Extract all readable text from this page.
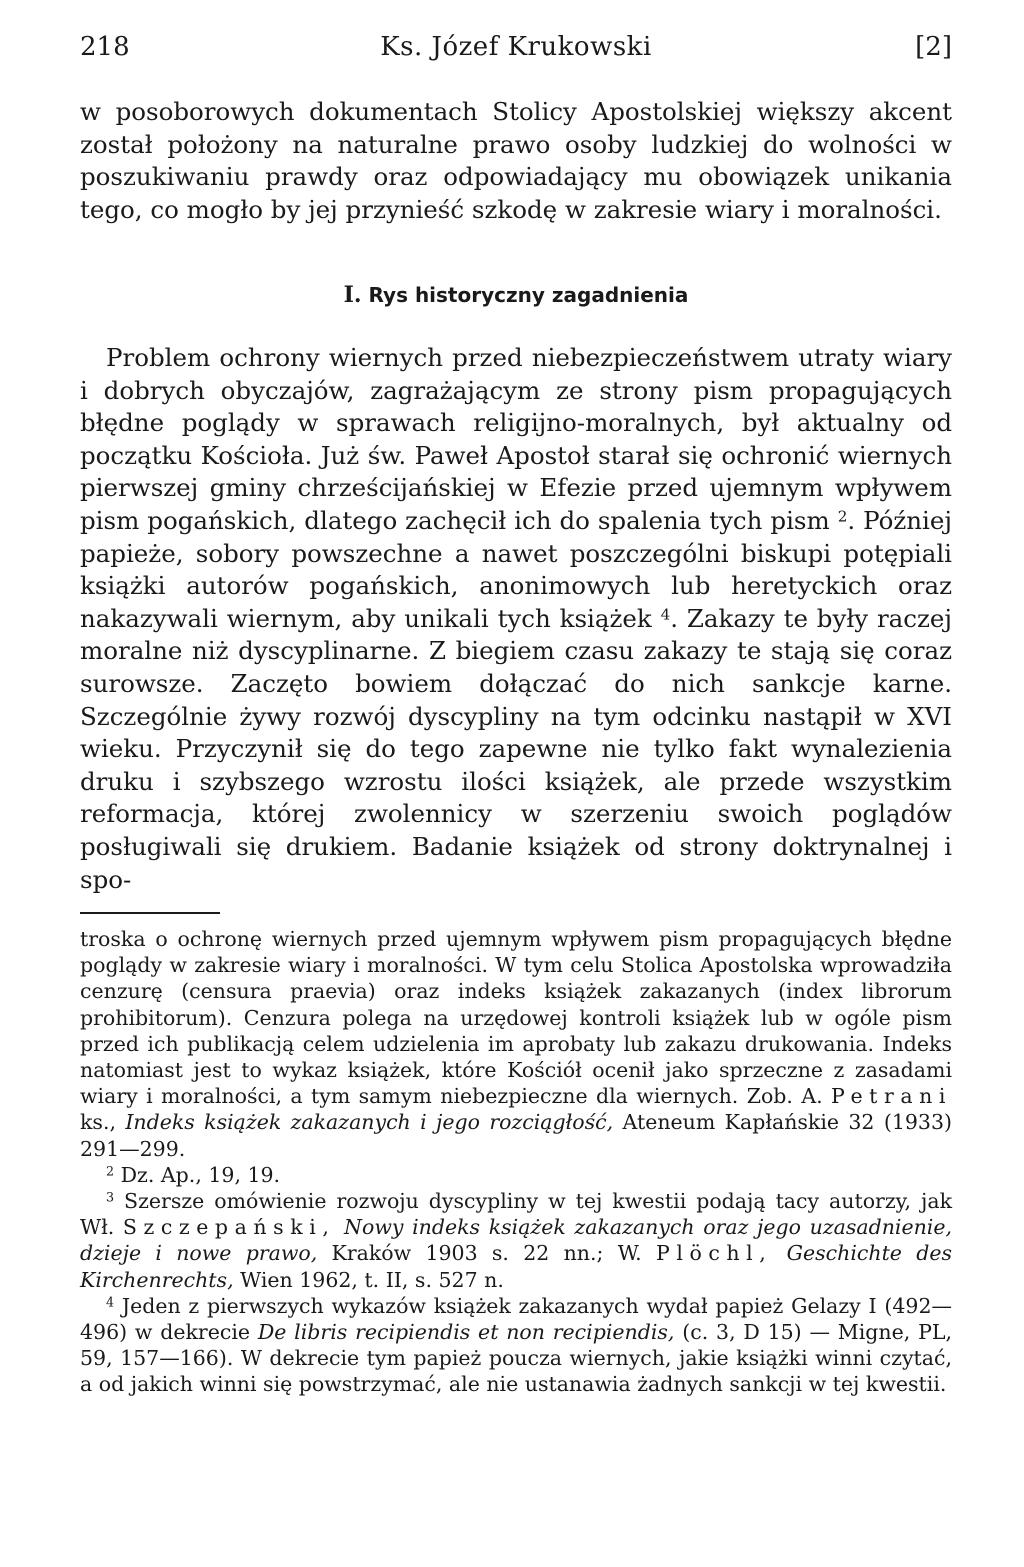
218	Ks. Józef Krukowski	[2]

w posoborowych dokumentach Stolicy Apostolskiej większy akcent został położony na naturalne prawo osoby ludzkiej do wolności w poszukiwaniu prawdy oraz odpowiadający mu obowiązek unikania tego, co mogło by jej przynieść szkodę w zakresie wiary i moralności.

I. Rys historyczny zagadnienia

Problem ochrony wiernych przed niebezpieczeństwem utraty wiary i dobrych obyczajów, zagrażającym ze strony pism propagujących błędne poglądy w sprawach religijno-moralnych, był aktualny od początku Kościoła. Już św. Paweł Apostoł starał się ochronić wiernych pierwszej gminy chrześcijańskiej w Efezie przed ujemnym wpływem pism pogańskich, dlatego zachęcił ich do spalenia tych pism $^2$. Później papieże, sobory powszechne a nawet poszczególni biskupi potępiali książki autorów pogańskich, anonimowych lub heretyckich oraz nakazywali wiernym, aby unikali tych książek $^4$. Zakazy te były raczej moralne niż dyscyplinarne. Z biegiem czasu zakazy te stają się coraz surowsze. Zaczęto bowiem dołączać do nich sankcje karne. Szczególnie żywy rozwój dyscypliny na tym odcinku nastąpił w XVI wieku. Przyczynił się do tego zapewne nie tylko fakt wynalezienia druku i szybszego wzrostu ilości książek, ale przede wszystkim reformacja, której zwolennicy w szerzeniu swoich poglądów posługiwali się drukiem. Badanie książek od strony doktrynalnej i spo-

troska o ochronę wiernych przed ujemnym wpływem pism propagujących błędne poglądy w zakresie wiary i moralności. W tym celu Stolica Apostolska wprowadziła cenzurę (censura praevia) oraz indeks książek zakazanych (index librorum prohibitorum). Cenzura polega na urzędowej kontroli książek lub w ogóle pism przed ich publikacją celem udzielenia im aprobaty lub zakazu drukowania. Indeks natomiast jest to wykaz książek, które Kościół ocenił jako sprzeczne z zasadami wiary i moralności, a tym samym niebezpieczne dla wiernych. Zob. A. Petrani ks., Indeks książek zakazanych i jego rozciągłość, Ateneum Kapłańskie 32 (1933) 291—299.

$^2$ Dz. Ap., 19, 19.

$^3$ Szersze omówienie rozwoju dyscypliny w tej kwestii podają tacy autorzy, jak Wł. Szczepański, Nowy indeks książek zakazanych oraz jego uzasadnienie, dzieje i nowe prawo, Kraków 1903 s. 22 nn.; W. Plöchl, Geschichte des Kirchenrechts, Wien 1962, t. II, s. 527 n.

$^4$ Jeden z pierwszych wykazów książek zakazanych wydał papież Gelazy I (492—496) w dekrecie De libris recipiendis et non recipiendis, (c. 3, D 15) — Migne, PL, 59, 157—166). W dekrecie tym papież poucza wiernych, jakie książki winni czytać, a od jakich winni się powstrzymać, ale nie ustanawia żadnych sankcji w tej kwestii.
